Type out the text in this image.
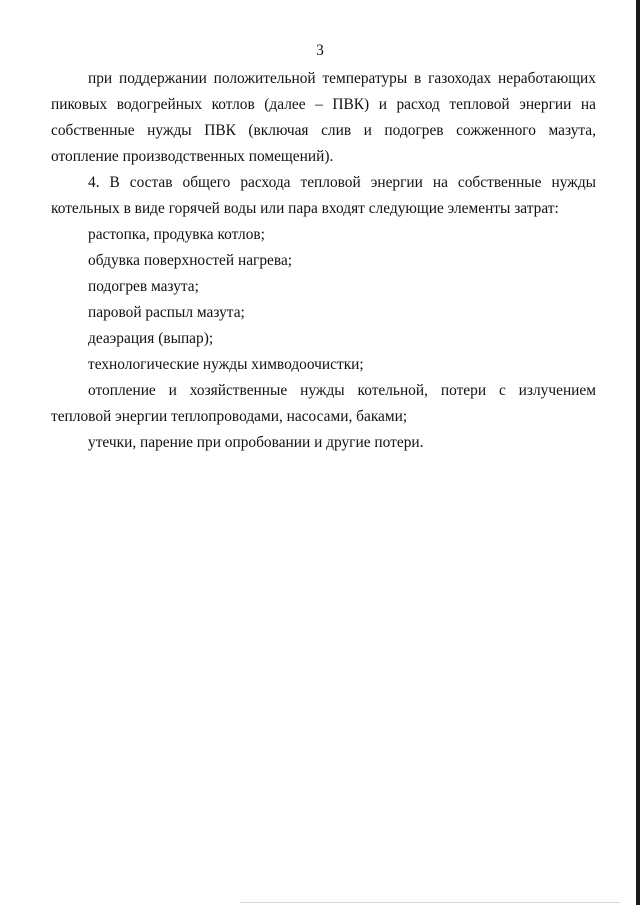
3

при поддержании положительной температуры в газоходах неработающих пиковых водогрейных котлов (далее – ПВК) и расход тепловой энергии на собственные нужды ПВК (включая слив и подогрев сожженного мазута, отопление производственных помещений).

4. В состав общего расхода тепловой энергии на собственные нужды котельных в виде горячей воды или пара входят следующие элементы затрат:

растопка, продувка котлов;

обдувка поверхностей нагрева;

подогрев мазута;

паровой распыл мазута;

деаэрация (выпар);

технологические нужды химводоочистки;

отопление и хозяйственные нужды котельной, потери с излучением тепловой энергии теплопроводами, насосами, баками;

утечки, парение при опробовании и другие потери.
